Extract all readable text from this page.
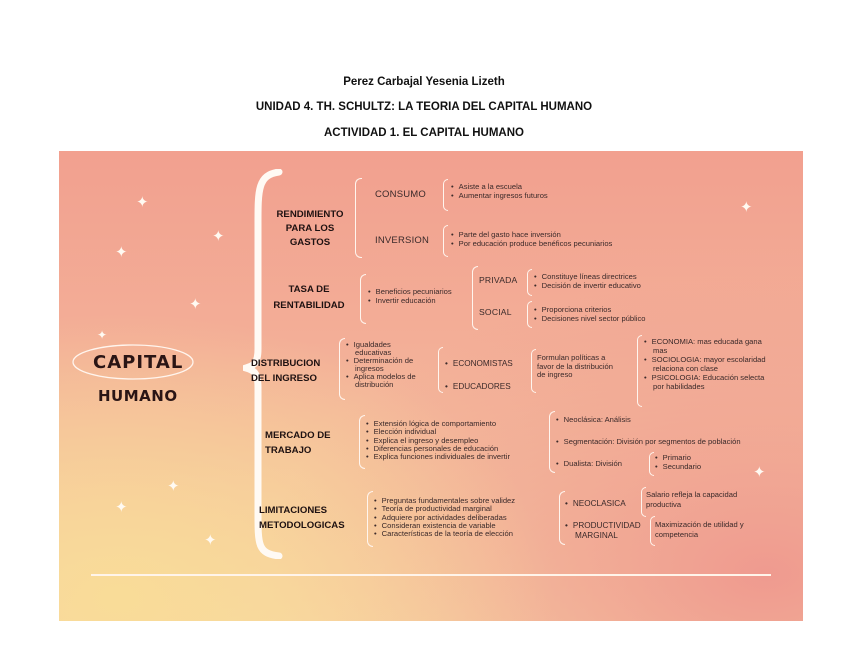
Perez Carbajal Yesenia Lizeth
UNIDAD 4. TH. SCHULTZ: LA TEORIA DEL CAPITAL HUMANO
ACTIVIDAD 1. EL CAPITAL HUMANO
✦
✦
✦
✦
✦
✦
✦
✦
✦
✦
CAPITAL
HUMANO
RENDIMIENTO
PARA LOS
GASTOS
CONSUMO
• Asiste a la escuela
• Aumentar ingresos futuros
INVERSION
• Parte del gasto hace inversión
• Por educación produce benéficos pecuniarios
TASA DE
RENTABILIDAD
• Beneficios pecuniarios
• Invertir educación
PRIVADA	• Constituye líneas directrices
• Decisión de invertir educativo
SOCIAL	• Proporciona criterios
• Decisiones nivel sector público
DISTRIBUCION
DEL INGRESO
• Igualdades
educativas
• Determinación de
ingresos
• Aplica modelos de
distribución
• ECONOMISTAS
• EDUCADORES
Formulan políticas a
favor de la distribución
de ingreso
• ECONOMIA: mas educada gana
mas
• SOCIOLOGIA: mayor escolaridad
relaciona con clase
• PSICOLOGIA: Educación selecta
por habilidades
MERCADO DE
TRABAJO
• Extensión lógica de comportamiento
• Elección individual
• Explica el ingreso y desempleo
• Diferencias personales de educación
• Explica funciones individuales de invertir
• Neoclásica: Análisis
• Segmentación: División por segmentos de población
• Dualista: División
• Primario
• Secundario
LIMITACIONES
METODOLOGICAS
• Preguntas fundamentales sobre validez
• Teoría de productividad marginal
• Adquiere por actividades deliberadas
• Consideran existencia de variable
• Características de la teoría de elección
• NEOCLASICA
• PRODUCTIVIDAD
MARGINAL
Salario refleja la capacidad
productiva
Maximización de utilidad y
competencia
